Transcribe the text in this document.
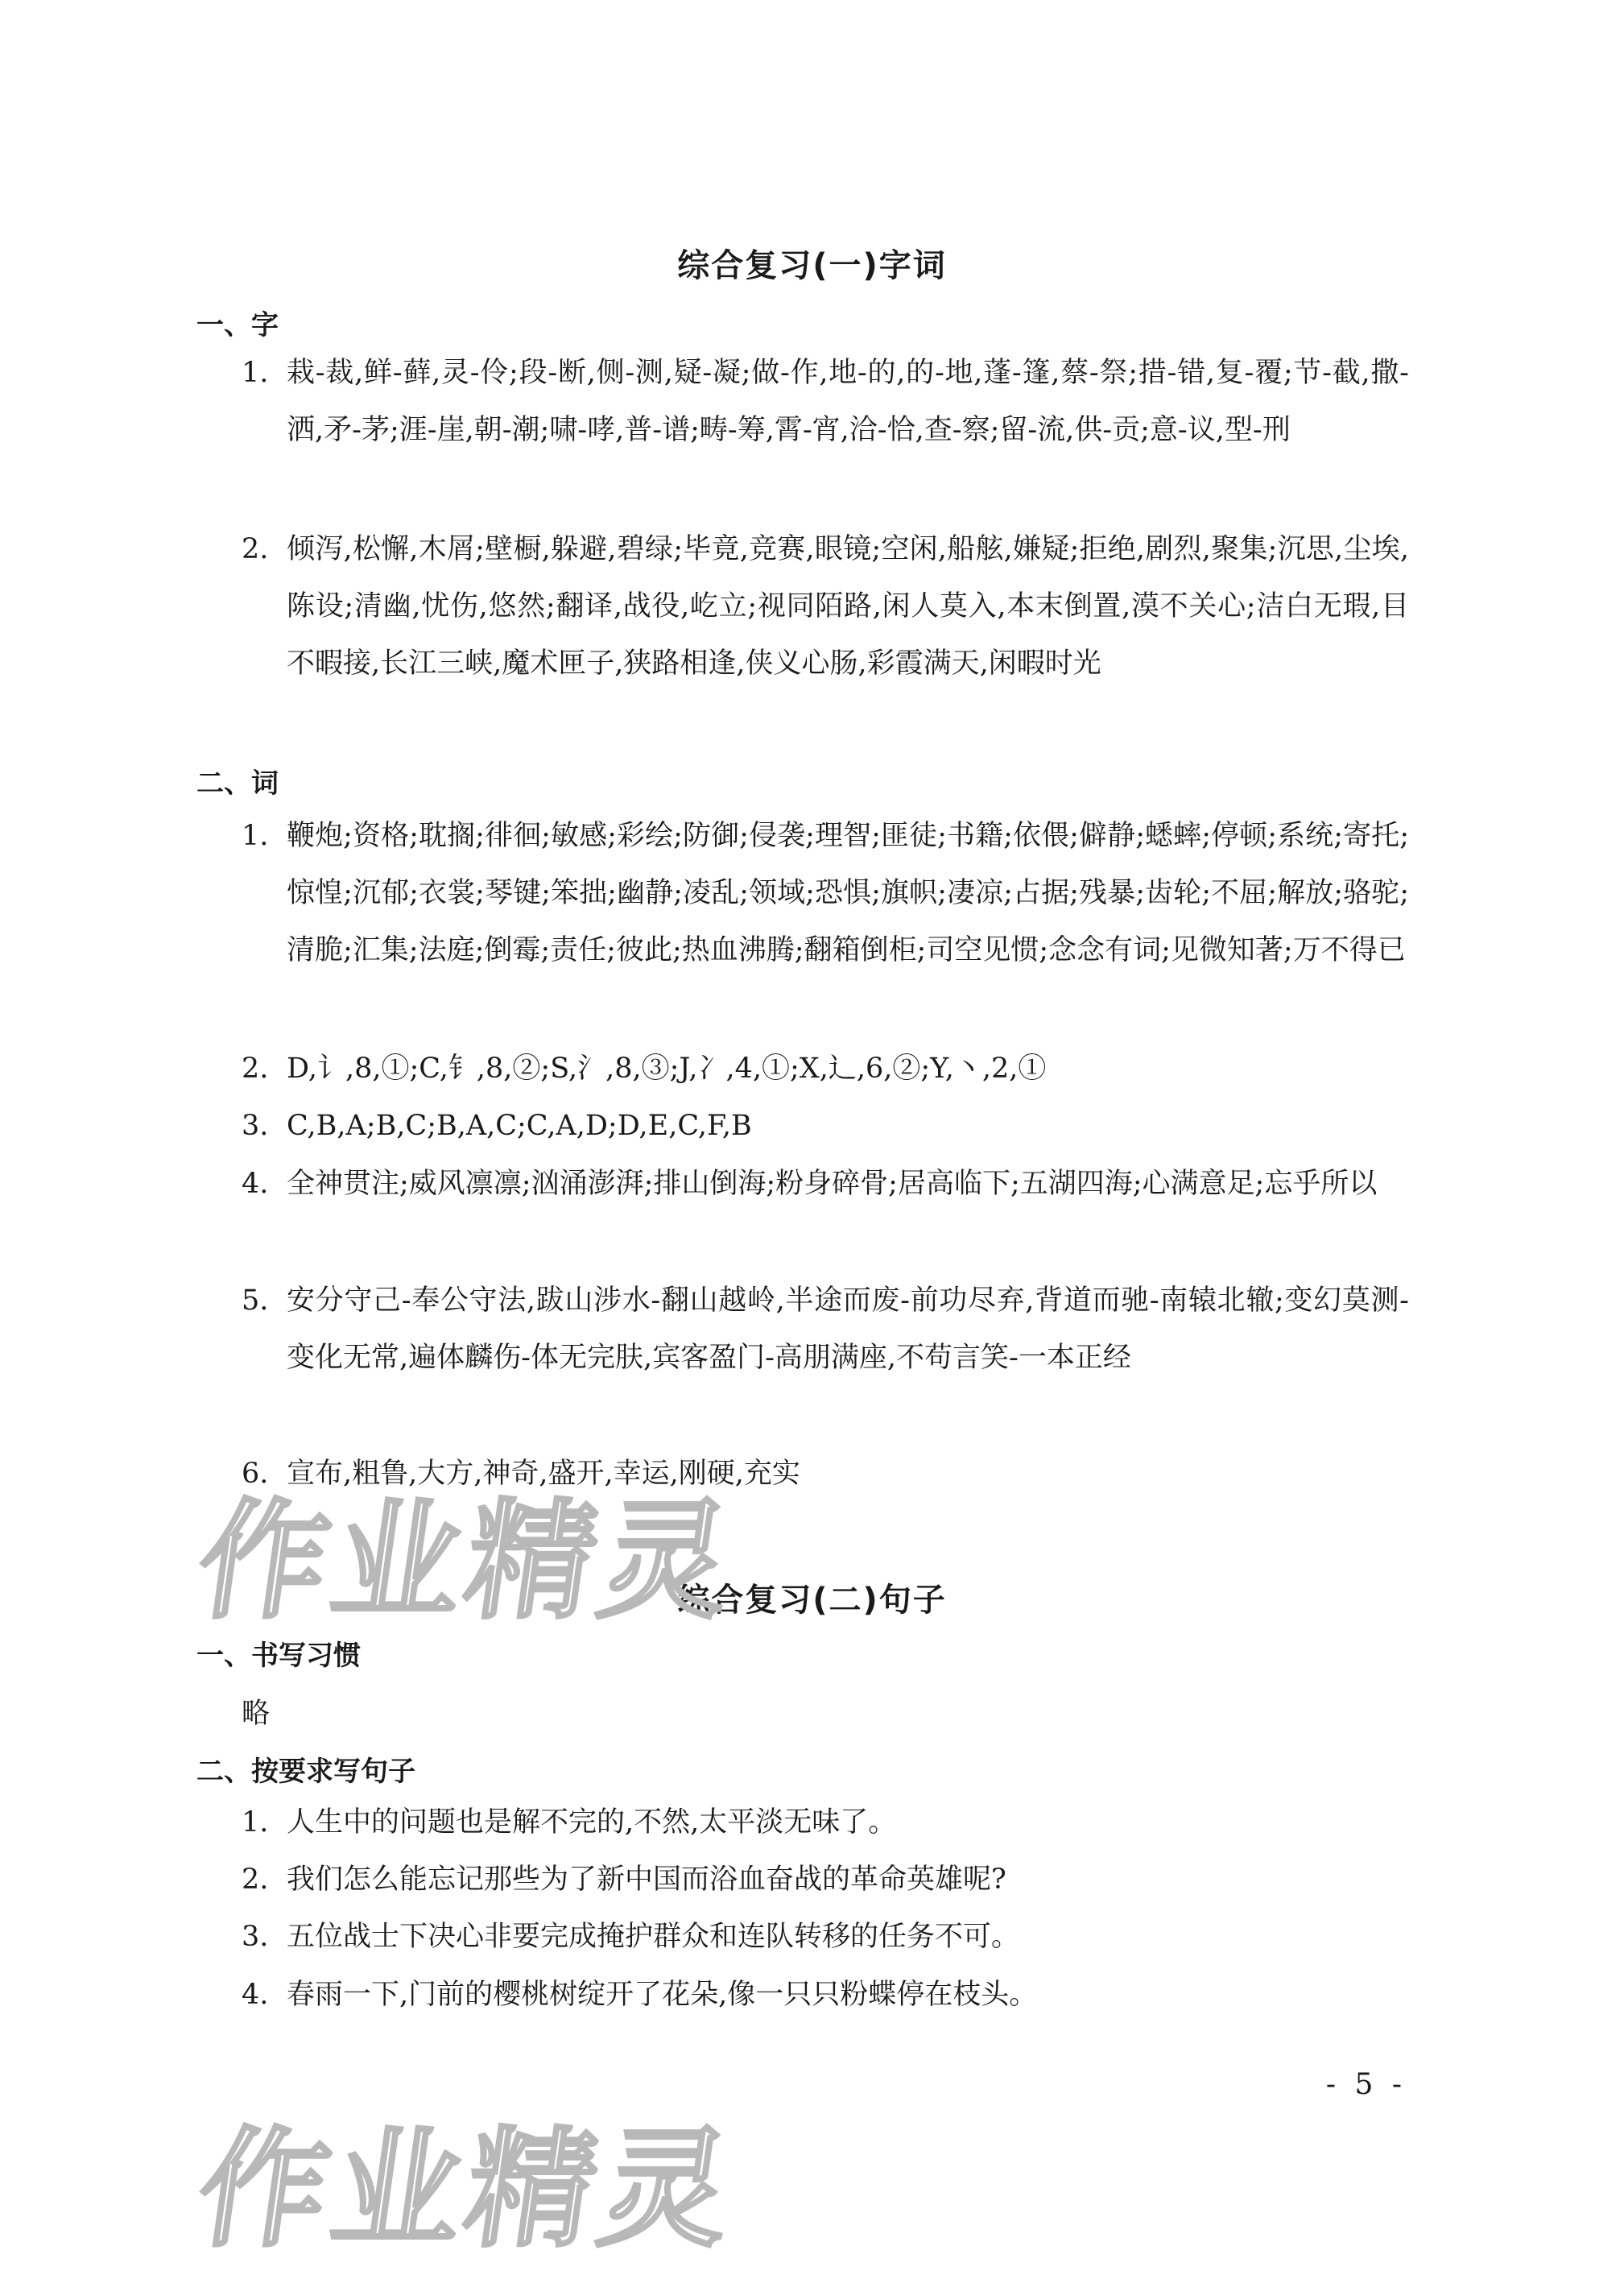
综合复习(一)字词
一、字
1. 栽-裁,鲜-藓,灵-伶;段-断,侧-测,疑-凝;做-作,地-的,的-地,蓬-篷,蔡-祭;措-错,复-覆;节-截,撒-洒,矛-茅;涯-崖,朝-潮;啸-哮,普-谱;畴-筹,霄-宵,洽-恰,查-察;留-流,供-贡;意-议,型-刑
2. 倾泻,松懈,木屑;壁橱,躲避,碧绿;毕竟,竞赛,眼镜;空闲,船舷,嫌疑;拒绝,剧烈,聚集;沉思,尘埃,陈设;清幽,忧伤,悠然;翻译,战役,屹立;视同陌路,闲人莫入,本末倒置,漠不关心;洁白无瑕,目不暇接,长江三峡,魔术匣子,狭路相逢,侠义心肠,彩霞满天,闲暇时光
二、词
1. 鞭炮;资格;耽搁;徘徊;敏感;彩绘;防御;侵袭;理智;匪徒;书籍;依偎;僻静;蟋蟀;停顿;系统;寄托;惊惶;沉郁;衣裳;琴键;笨拙;幽静;凌乱;领域;恐惧;旗帜;凄凉;占据;残暴;齿轮;不屈;解放;骆驼;清脆;汇集;法庭;倒霉;责任;彼此;热血沸腾;翻箱倒柜;司空见惯;念念有词;见微知著;万不得已
2. D,讠,8,①;C,钅,8,②;S,氵,8,③;J,冫,4,①;X,辶,6,②;Y,丶,2,①
3. C,B,A;B,C;B,A,C;C,A,D;D,E,C,F,B
4. 全神贯注;威风凛凛;汹涌澎湃;排山倒海;粉身碎骨;居高临下;五湖四海;心满意足;忘乎所以
5. 安分守己-奉公守法,跋山涉水-翻山越岭,半途而废-前功尽弃,背道而驰-南辕北辙;变幻莫测-变化无常,遍体麟伤-体无完肤,宾客盈门-高朋满座,不苟言笑-一本正经
6. 宣布,粗鲁,大方,神奇,盛开,幸运,刚硬,充实
综合复习(二)句子
一、书写习惯
略
二、按要求写句子
1. 人生中的问题也是解不完的,不然,太平淡无味了。
2. 我们怎么能忘记那些为了新中国而浴血奋战的革命英雄呢?
3. 五位战士下决心非要完成掩护群众和连队转移的任务不可。
4. 春雨一下,门前的樱桃树绽开了花朵,像一只只粉蝶停在枝头。
- 5 -
作业精灵
作业精灵
